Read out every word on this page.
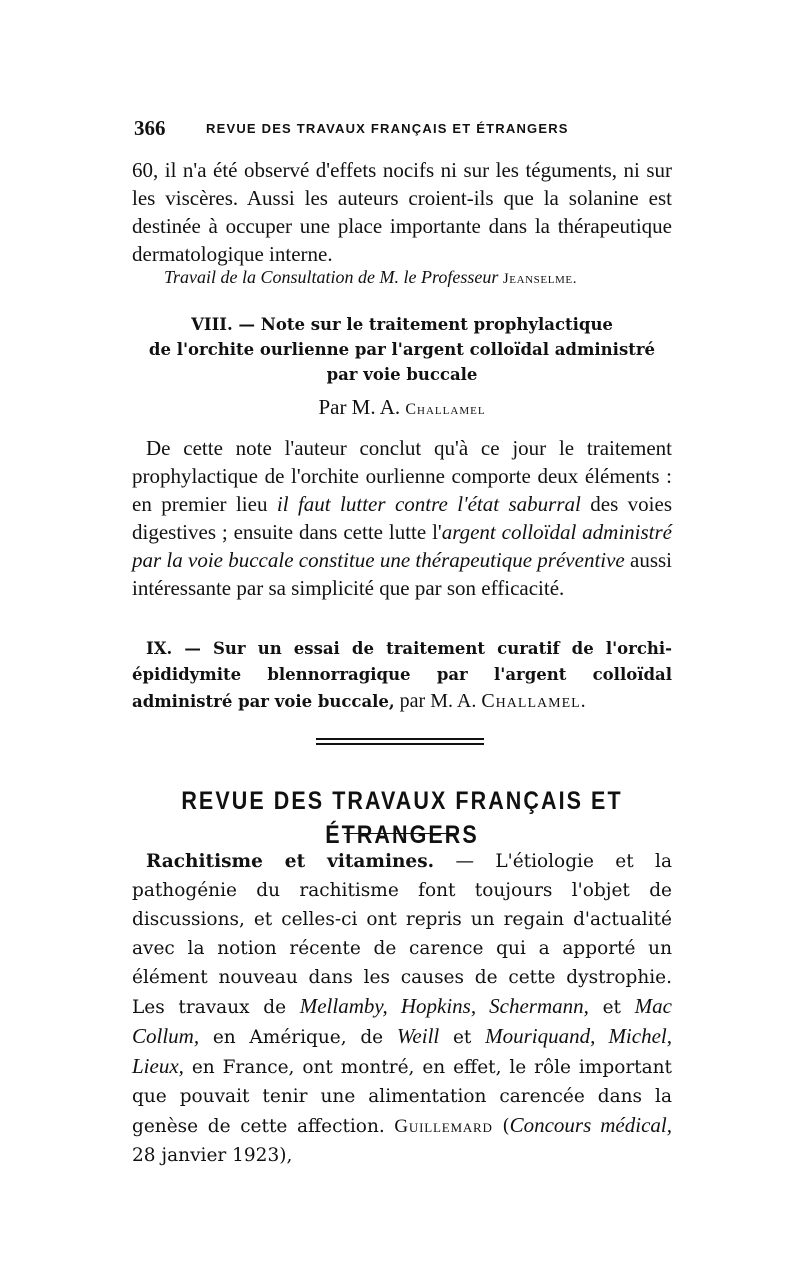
366	REVUE DES TRAVAUX FRANÇAIS ET ÉTRANGERS

60, il n'a été observé d'effets nocifs ni sur les téguments, ni sur les viscères. Aussi les auteurs croient-ils que la solanine est destinée à occuper une place importante dans la thérapeutique dermatologique interne.

Travail de la Consultation de M. le Professeur Jeanselme.
VIII. — Note sur le traitement prophylactique
de l'orchite ourlienne par l'argent colloïdal administré
par voie buccale
Par M. A. Challamel

De cette note l'auteur conclut qu'à ce jour le traitement prophylactique de l'orchite ourlienne comporte deux éléments : en premier lieu il faut lutter contre l'état saburral des voies digestives ; ensuite dans cette lutte l'argent colloïdal administré par la voie buccale constitue une thérapeutique préventive aussi intéressante par sa simplicité que par son efficacité.

IX. — Sur un essai de traitement curatif de l'orchi-épididymite blennorragique par l'argent colloïdal administré par voie buccale, par M. A. Challamel.
REVUE DES TRAVAUX FRANÇAIS ET ÉTRANGERS
Rachitisme et vitamines. — L'étiologie et la pathogénie du rachitisme font toujours l'objet de discussions, et celles-ci ont repris un regain d'actualité avec la notion récente de carence qui a apporté un élément nouveau dans les causes de cette dystrophie. Les travaux de Mellamby, Hopkins, Schermann, et Mac Collum, en Amérique, de Weill et Mouriquand, Michel, Lieux, en France, ont montré, en effet, le rôle important que pouvait tenir une alimentation carencée dans la genèse de cette affection. Guillemard (Concours médical, 28 janvier 1923),
